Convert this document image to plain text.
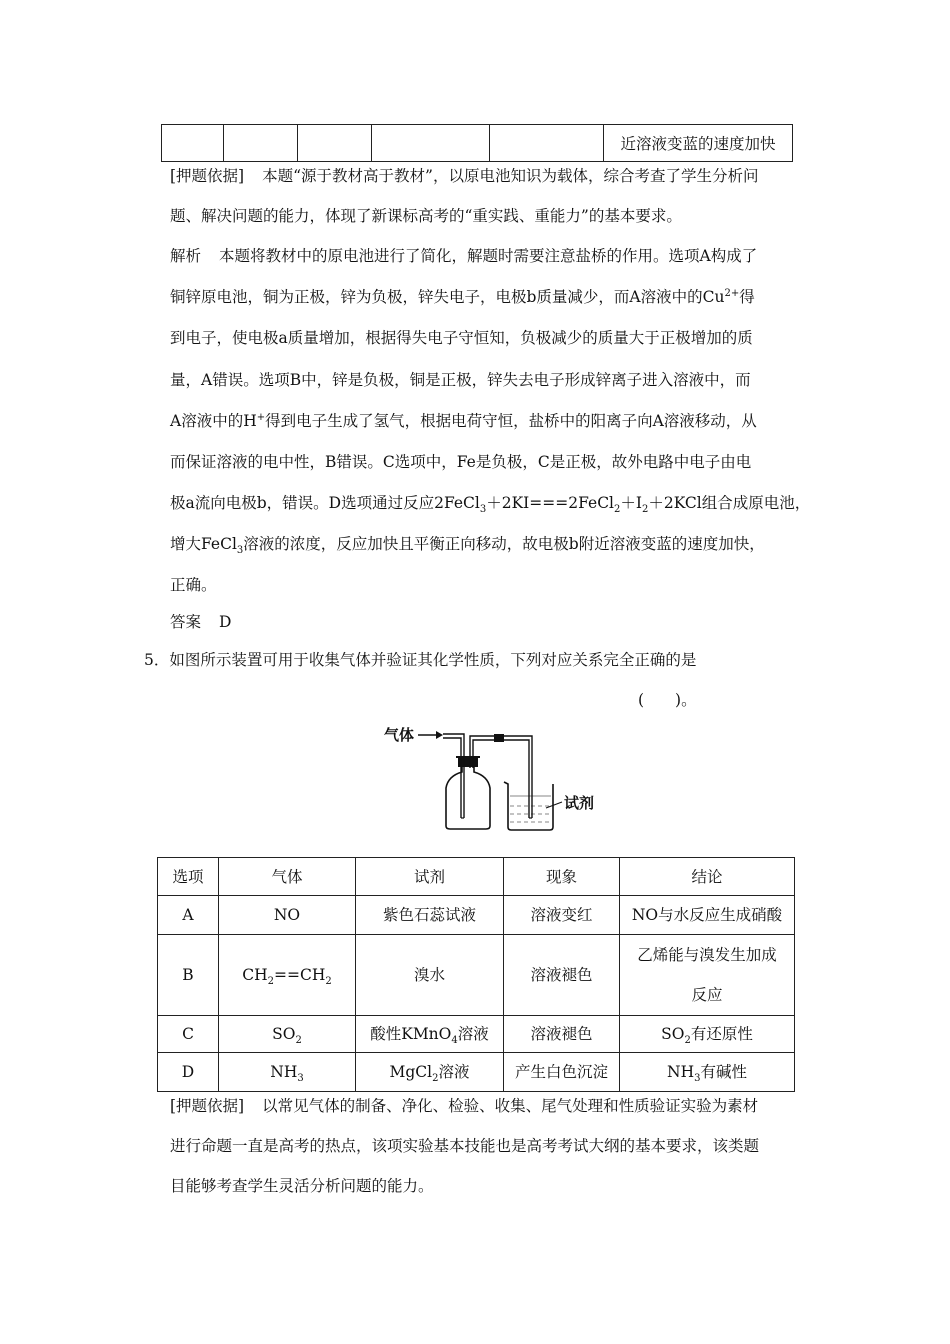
					近溶液变蓝的速度加快
[押题依据] 本题“源于教材高于教材”，以原电池知识为载体，综合考查了学生分析问
题、解决问题的能力，体现了新课标高考的“重实践、重能力”的基本要求。
解析 本题将教材中的原电池进行了简化，解题时需要注意盐桥的作用。选项A构成了
铜锌原电池，铜为正极，锌为负极，锌失电子，电极b质量减少，而A溶液中的$Cu^{2+}$得
到电子，使电极a质量增加，根据得失电子守恒知，负极减少的质量大于正极增加的质
量，A错误。选项B中，锌是负极，铜是正极，锌失去电子形成锌离子进入溶液中，而
A溶液中的H+得到电子生成了氢气，根据电荷守恒，盐桥中的阳离子向A溶液移动，从
而保证溶液的电中性，B错误。C选项中，Fe是负极，C是正极，故外电路中电子由电
极a流向电极b，错误。D选项通过反应$2FeCl_3+2KI===2FeCl_2+I_2+2KCl$组合成原电池，
增大FeCl$_3$溶液的浓度，反应加快且平衡正向移动，故电极b附近溶液变蓝的速度加快，
正确。
答案 D
5．如图所示装置可用于收集气体并验证其化学性质，下列对应关系完全正确的是
(　　)。
气体
试剂
选项	气体	试剂	现象	结论
A	NO	紫色石蕊试液	溶液变红	NO与水反应生成硝酸
B	$CH_2==CH_2$	溴水	溶液褪色	乙烯能与溴发生加成
反应

C	$SO_2$	酸性KMnO$_4$溶液	溶液褪色	$SO_2$有还原性
D	$NH_3$	MgCl$_2$溶液	产生白色沉淀	$NH_3$有碱性
[押题依据] 以常见气体的制备、净化、检验、收集、尾气处理和性质验证实验为素材
进行命题一直是高考的热点，该项实验基本技能也是高考考试大纲的基本要求，该类题
目能够考查学生灵活分析问题的能力。
